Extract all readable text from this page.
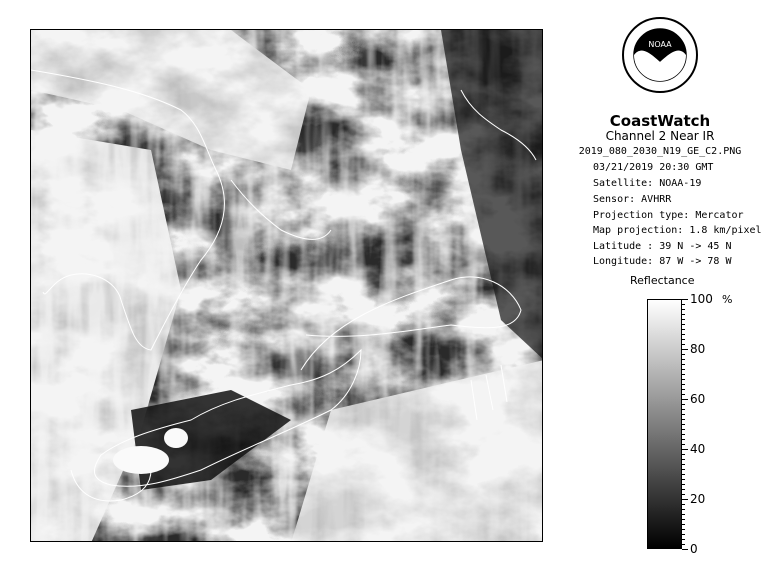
NOAA
CoastWatch
Channel 2 Near IR
2019_080_2030_N19_GE_C2.PNG
03/21/2019 20:30 GMT
Satellite: NOAA-19
Sensor: AVHRR
Projection type: Mercator
Map projection: 1.8 km/pixel
Latitude : 39 N -> 45 N
Longitude: 87 W -> 78 W
Reflectance
%
100
80
60
40
20
0
